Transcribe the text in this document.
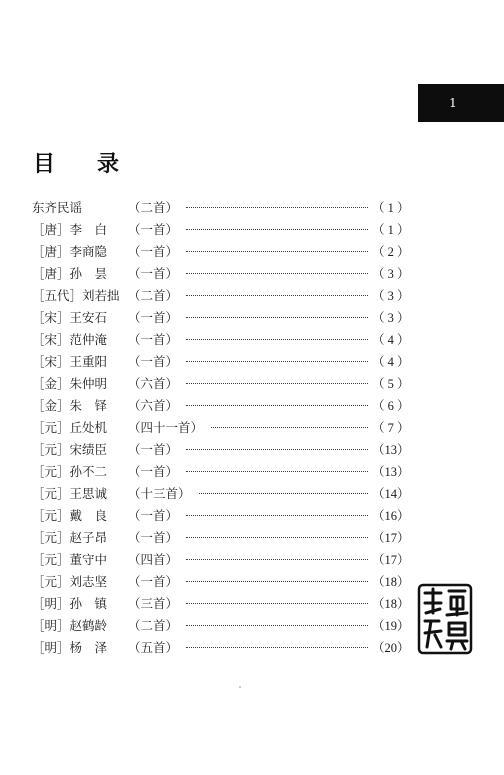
1
目录
东齐民谣	（二首）	（ 1 ）
［唐］李　白	（一首）	（ 1 ）
［唐］李商隐	（一首）	（ 2 ）
［唐］孙　昙	（一首）	（ 3 ）
［五代］刘若拙 （二首）	（ 3 ）
［宋］王安石	（一首）	（ 3 ）
［宋］范仲淹	（一首）	（ 4 ）
［宋］王重阳	（一首）	（ 4 ）
［金］朱仲明	（六首）	（ 5 ）
［金］朱　铎	（六首）	（ 6 ）
［元］丘处机	（四十一首）	（ 7 ）
［元］宋绩臣	（一首）	（13）
［元］孙不二	（一首）	（13）
［元］王思诚	（十三首）	（14）
［元］戴　良	（一首）	（16）
［元］赵子昂	（一首）	（17）
［元］董守中	（四首）	（17）
［元］刘志坚	（一首）	（18）
［明］孙　镇	（三首）	（18）
［明］赵鹤龄	（二首）	（19）
［明］杨　泽	（五首）	（20）
